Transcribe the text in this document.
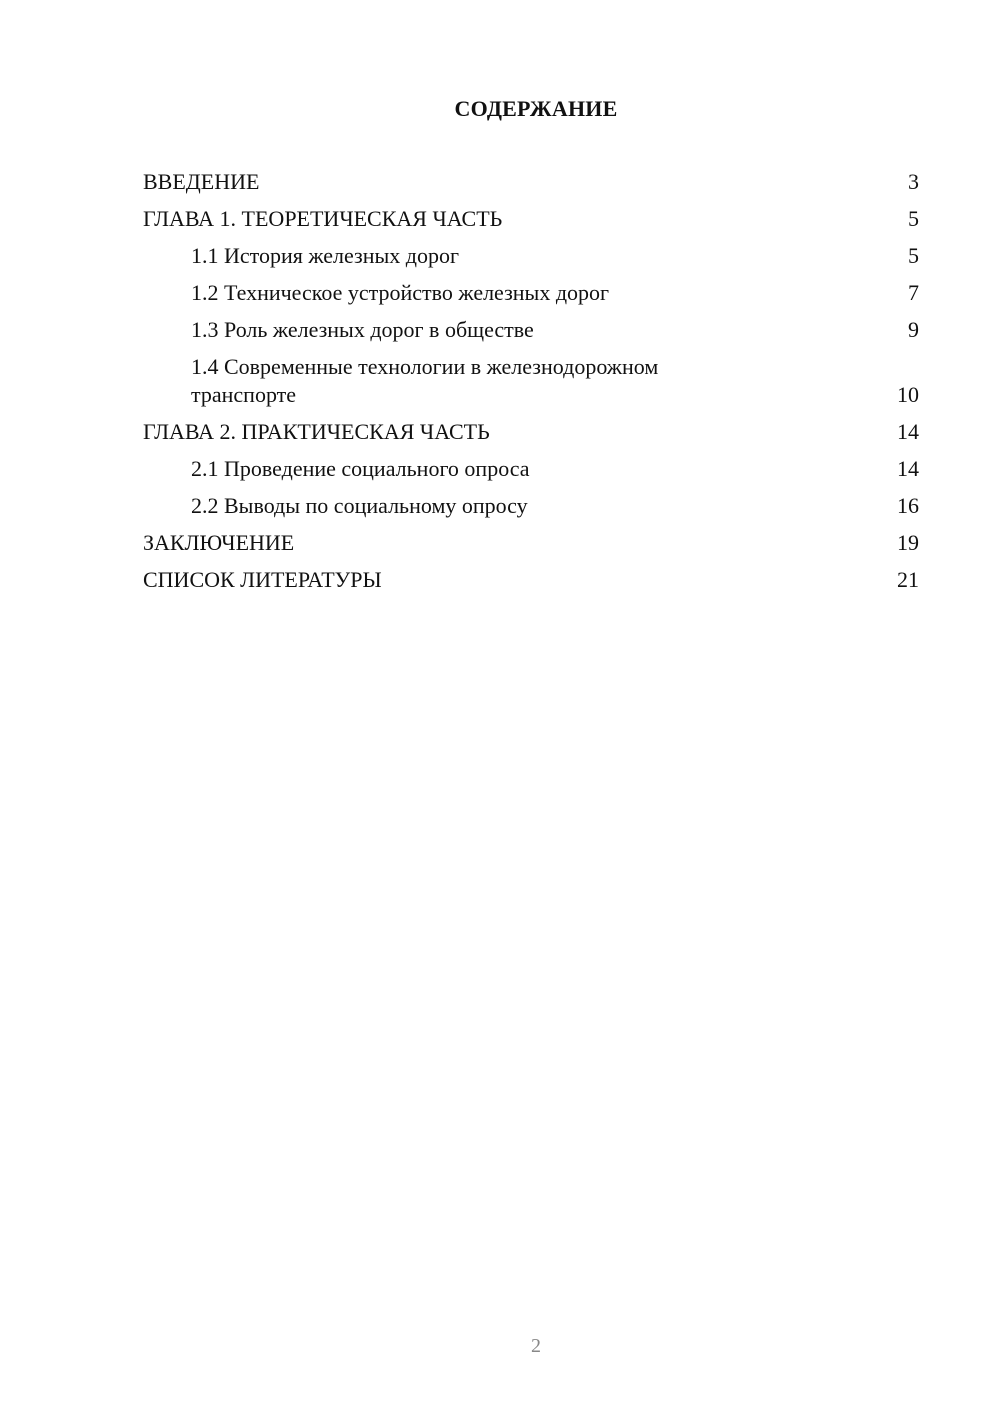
СОДЕРЖАНИЕ
ВВЕДЕНИЕ	3
ГЛАВА 1. ТЕОРЕТИЧЕСКАЯ ЧАСТЬ	5
1.1 История железных дорог	5
1.2 Техническое устройство железных дорог	7
1.3 Роль железных дорог в обществе	9
1.4 Современные технологии в железнодорожном транспорте	10
ГЛАВА 2. ПРАКТИЧЕСКАЯ ЧАСТЬ	14
2.1 Проведение социального опроса	14
2.2 Выводы по социальному опросу	16
ЗАКЛЮЧЕНИЕ	19
СПИСОК ЛИТЕРАТУРЫ	21
2
